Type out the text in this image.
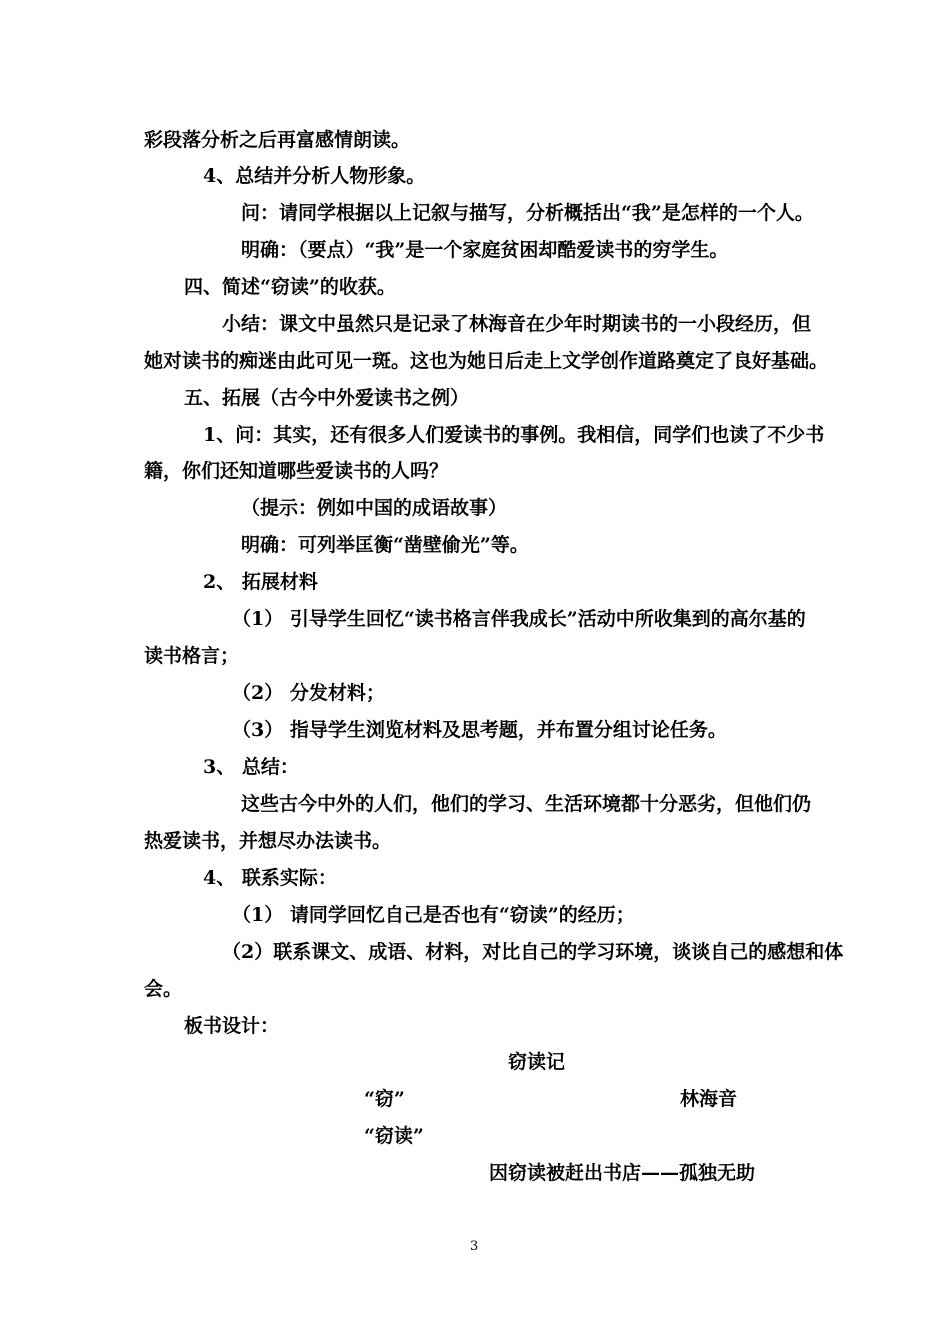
彩段落分析之后再富感情朗读。
4、总结并分析人物形象。
问：请同学根据以上记叙与描写，分析概括出“我”是怎样的一个人。
明确：（要点）“我”是一个家庭贫困却酷爱读书的穷学生。
四、简述“窃读”的收获。
小结：课文中虽然只是记录了林海音在少年时期读书的一小段经历，但
她对读书的痴迷由此可见一斑。这也为她日后走上文学创作道路奠定了良好基础。
五、拓展（古今中外爱读书之例）
1、问：其实，还有很多人们爱读书的事例。我相信，同学们也读了不少书
籍，你们还知道哪些爱读书的人吗？
（提示：例如中国的成语故事）
明确：可列举匡衡“凿壁偷光”等。
2、 拓展材料
（1） 引导学生回忆“读书格言伴我成长”活动中所收集到的高尔基的
读书格言；
（2） 分发材料；
（3） 指导学生浏览材料及思考题，并布置分组讨论任务。
3、 总结：
这些古今中外的人们，他们的学习、生活环境都十分恶劣，但他们仍
热爱读书，并想尽办法读书。
4、 联系实际：
（1） 请同学回忆自己是否也有“窃读”的经历；
（2）联系课文、成语、材料，对比自己的学习环境，谈谈自己的感想和体
会。
板书设计：
窃读记
“窃”	林海音
“窃读”
因窃读被赶出书店——孤独无助
3
